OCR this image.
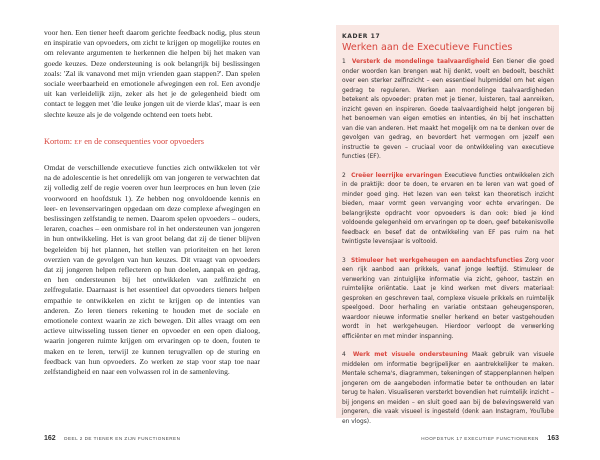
voor hen. Een tiener heeft daarom gerichte feedback nodig, plus steun en inspiratie van opvoeders, om zicht te krijgen op mogelijke routes en om relevante argumenten te herkennen die helpen bij het maken van goede keuzes. Deze ondersteuning is ook belangrijk bij beslissingen zoals: 'Zal ik vanavond met mijn vrienden gaan stappen?'. Dan spelen sociale weerbaarheid en emotionele afwegingen een rol. Een avondje uit kan verleidelijk zijn, zeker als het je de gelegenheid biedt om contact te leggen met 'die leuke jongen uit de vierde klas', maar is een slechte keuze als je de volgende ochtend een toets hebt.
Kortom: EF en de consequenties voor opvoeders
Omdat de verschillende executieve functies zich ontwikkelen tot vèr na de adolescentie is het onredelijk om van jongeren te verwachten dat zij volledig zelf de regie voeren over hun leerproces en hun leven (zie voorwoord en hoofdstuk 1). Ze hebben nog onvoldoende kennis en leer- en levenservaringen opgedaan om deze complexe afwegingen en beslissingen zelfstandig te nemen. Daarom spelen opvoeders – ouders, leraren, coaches – een onmisbare rol in het ondersteunen van jongeren in hun ontwikkeling. Het is van groot belang dat zij de tiener blijven begeleiden bij het plannen, het stellen van prioriteiten en het leren overzien van de gevolgen van hun keuzes. Dit vraagt van opvoeders dat zij jongeren helpen reflecteren op hun doelen, aanpak en gedrag, en hen ondersteunen bij het ontwikkelen van zelfinzicht en zelfregulatie. Daarnaast is het essentieel dat opvoeders tieners helpen empathie te ontwikkelen en zicht te krijgen op de intenties van anderen. Zo leren tieners rekening te houden met de sociale en emotionele context waarin ze zich bewegen. Dit alles vraagt om een actieve uitwisseling tussen tiener en opvoeder en een open dialoog, waarin jongeren ruimte krijgen om ervaringen op te doen, fouten te maken en te leren, terwijl ze kunnen terugvallen op de sturing en feedback van hun opvoeders. Zo werken ze stap voor stap toe naar zelfstandigheid en naar een volwassen rol in de samenleving.
162 DEEL 2 DE TIENER EN ZIJN FUNCTIONEREN
KADER 17
Werken aan de Executieve Functies
1 Versterk de mondelinge taalvaardigheid Een tiener die goed onder woorden kan brengen wat hij denkt, voelt en bedoelt, beschikt over een sterker zelfinzicht – een essentieel hulpmiddel om het eigen gedrag te reguleren. Werken aan mondelinge taalvaardigheden betekent als opvoeder: praten met je tiener, luisteren, taal aanreiken, inzicht geven en inspireren. Goede taalvaardigheid helpt jongeren bij het benoemen van eigen emoties en intenties, én bij het inschatten van die van anderen. Het maakt het mogelijk om na te denken over de gevolgen van gedrag, en bevordert het vermogen om jezelf een instructie te geven – cruciaal voor de ontwikkeling van executieve functies (EF).
2 Creëer leerrijke ervaringen Executieve functies ontwikkelen zich in de praktijk: door te doen, te ervaren en te leren van wat goed of minder goed ging. Het lezen van een tekst kan theoretisch inzicht bieden, maar vormt geen vervanging voor echte ervaringen. De belangrijkste opdracht voor opvoeders is dan ook: bied je kind voldoende gelegenheid om ervaringen op te doen, geef betekenisvolle feedback en besef dat de ontwikkeling van EF pas ruim na het twintigste levensjaar is voltooid.
3 Stimuleer het werkgeheugen en aandachtsfuncties Zorg voor een rijk aanbod aan prikkels, vanaf jonge leeftijd. Stimuleer de verwerking van zintuiglijke informatie via zicht, gehoor, tastzin en ruimtelijke oriëntatie. Laat je kind werken met divers materiaal: gesproken en geschreven taal, complexe visuele prikkels en ruimtelijk speelgoed. Door herhaling en variatie ontstaan geheugensporen, waardoor nieuwe informatie sneller herkend en beter vastgehouden wordt in het werkgeheugen. Hierdoor verloopt de verwerking efficiënter en met minder inspanning.
4 Werk met visuele ondersteuning Maak gebruik van visuele middelen om informatie begrijpelijker en aantrekkelijker te maken. Mentale schema's, diagrammen, tekeningen of stappenplannen helpen jongeren om de aangeboden informatie beter te onthouden en later terug te halen. Visualiseren versterkt bovendien het ruimtelijk inzicht – bij jongens en meiden – en sluit goed aan bij de belevingswereld van jongeren, die vaak visueel is ingesteld (denk aan Instagram, YouTube en vlogs).
HOOFDSTUK 17 EXECUTIEF FUNCTIONEREN 163
